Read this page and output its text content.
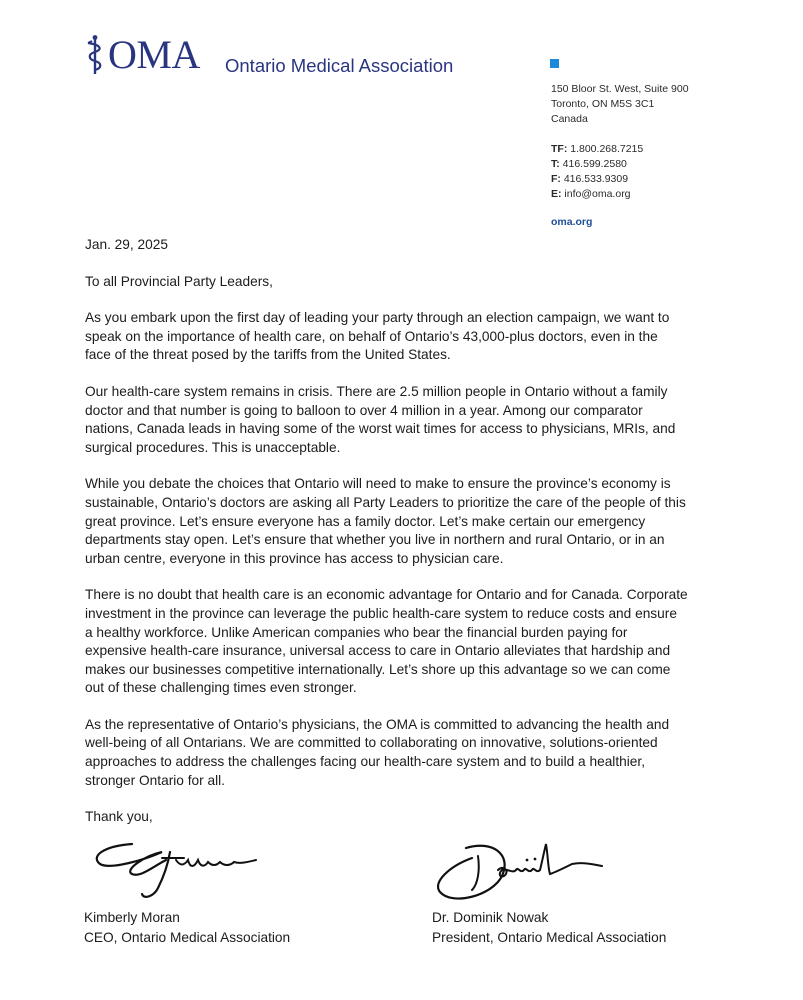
OMA Ontario Medical Association
150 Bloor St. West, Suite 900
Toronto, ON M5S 3C1
Canada
TF: 1.800.268.7215
T: 416.599.2580
F: 416.533.9309
E: info@oma.org
oma.org

Jan. 29, 2025

To all Provincial Party Leaders,

As you embark upon the first day of leading your party through an election campaign, we want to
speak on the importance of health care, on behalf of Ontario’s 43,000-plus doctors, even in the
face of the threat posed by the tariffs from the United States.

Our health-care system remains in crisis. There are 2.5 million people in Ontario without a family
doctor and that number is going to balloon to over 4 million in a year. Among our comparator
nations, Canada leads in having some of the worst wait times for access to physicians, MRIs, and
surgical procedures. This is unacceptable.

While you debate the choices that Ontario will need to make to ensure the province’s economy is
sustainable, Ontario’s doctors are asking all Party Leaders to prioritize the care of the people of this
great province. Let’s ensure everyone has a family doctor. Let’s make certain our emergency
departments stay open. Let’s ensure that whether you live in northern and rural Ontario, or in an
urban centre, everyone in this province has access to physician care.

There is no doubt that health care is an economic advantage for Ontario and for Canada. Corporate
investment in the province can leverage the public health-care system to reduce costs and ensure
a healthy workforce. Unlike American companies who bear the financial burden paying for
expensive health-care insurance, universal access to care in Ontario alleviates that hardship and
makes our businesses competitive internationally. Let’s shore up this advantage so we can come
out of these challenging times even stronger.

As the representative of Ontario’s physicians, the OMA is committed to advancing the health and
well-being of all Ontarians. We are committed to collaborating on innovative, solutions-oriented
approaches to address the challenges facing our health-care system and to build a healthier,
stronger Ontario for all.

Thank you,

Kimberly Moran
CEO, Ontario Medical Association
Dr. Dominik Nowak
President, Ontario Medical Association
